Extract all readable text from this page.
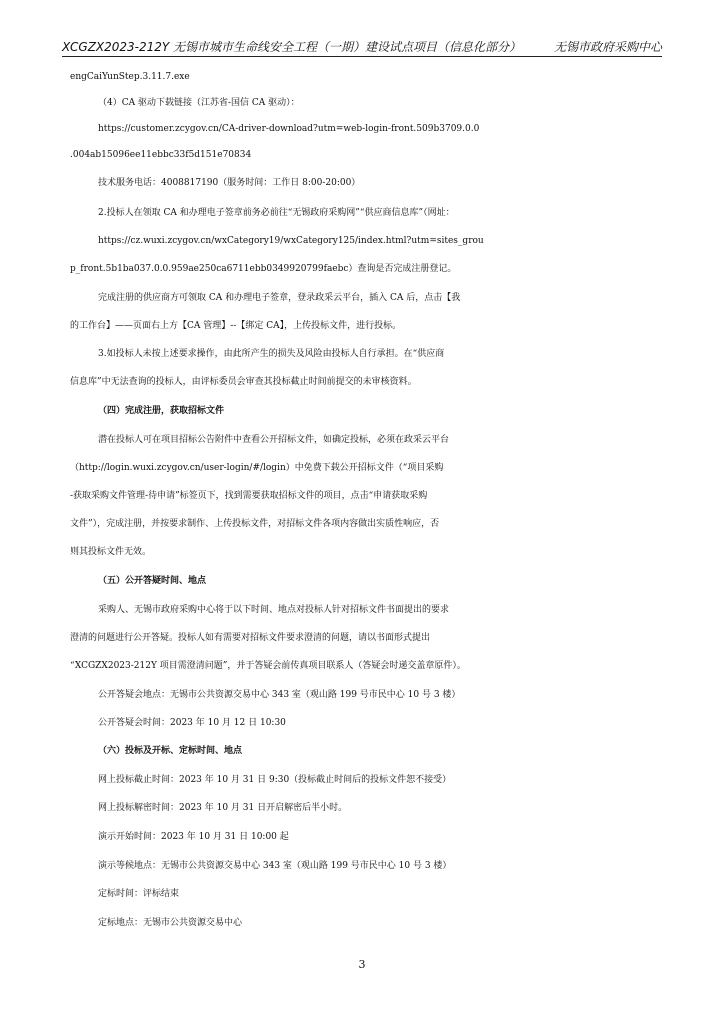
XCGZX2023-212Y 无锡市城市生命线安全工程（一期）建设试点项目（信息化部分）	无锡市政府采购中心
engCaiYunStep.3.11.7.exe
（4）CA 驱动下载链接（江苏省-国信 CA 驱动）：
https://customer.zcygov.cn/CA-driver-download?utm=web-login-front.509b3709.0.0
.004ab15096ee11ebbc33f5d151e70834
技术服务电话：4008817190（服务时间：工作日 8:00-20:00）
2.投标人在领取 CA 和办理电子签章前务必前往“无锡政府采购网”“供应商信息库”（网址：
https://cz.wuxi.zcygov.cn/wxCategory19/wxCategory125/index.html?utm=sites_grou
p_front.5b1ba037.0.0.959ae250ca6711ebb0349920799faebc）查询是否完成注册登记。
完成注册的供应商方可领取 CA 和办理电子签章，登录政采云平台，插入 CA 后，点击【我
的工作台】——页面右上方【CA 管理】--【绑定 CA】，上传投标文件，进行投标。
3.如投标人未按上述要求操作，由此所产生的损失及风险由投标人自行承担。在“供应商
信息库”中无法查询的投标人，由评标委员会审查其投标截止时间前提交的未审核资料。
（四）完成注册，获取招标文件
潜在投标人可在项目招标公告附件中查看公开招标文件，如确定投标，必须在政采云平台
（http://login.wuxi.zcygov.cn/user-login/#/login）中免费下载公开招标文件（“项目采购
-获取采购文件管理-待申请”标签页下，找到需要获取招标文件的项目，点击“申请获取采购
文件”），完成注册，并按要求制作、上传投标文件，对招标文件各项内容做出实质性响应，否
则其投标文件无效。
（五）公开答疑时间、地点
采购人、无锡市政府采购中心将于以下时间、地点对投标人针对招标文件书面提出的要求
澄清的问题进行公开答疑。投标人如有需要对招标文件要求澄清的问题，请以书面形式提出
“XCGZX2023-212Y 项目需澄清问题”，并于答疑会前传真项目联系人（答疑会时递交盖章原件）。
公开答疑会地点：无锡市公共资源交易中心 343 室（观山路 199 号市民中心 10 号 3 楼）
公开答疑会时间：2023 年 10 月 12 日 10:30
（六）投标及开标、定标时间、地点
网上投标截止时间：2023 年 10 月 31 日 9:30（投标截止时间后的投标文件恕不接受）
网上投标解密时间：2023 年 10 月 31 日开启解密后半小时。
演示开始时间：2023 年 10 月 31 日 10:00 起
演示等候地点：无锡市公共资源交易中心 343 室（观山路 199 号市民中心 10 号 3 楼）
定标时间：评标结束
定标地点：无锡市公共资源交易中心
3
